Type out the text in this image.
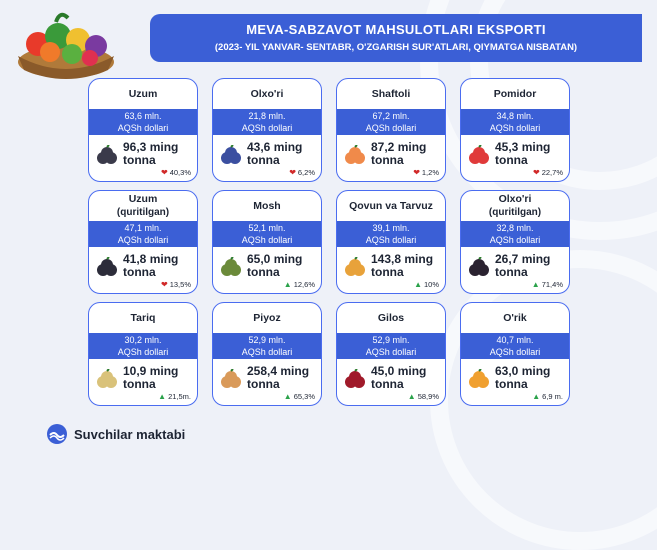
MEVA-SABZAVOT MAHSULOTLARI EKSPORTI
(2023- YIL YANVAR- SENTABR, O'ZGARISH SUR'ATLARI, QIYMATGA NISBATAN)
Uzum
63,6 mln.
AQSh dollari
96,3 ming
tonna
❤ 40,3%
Olxo'ri
21,8 mln.
AQSh dollari
43,6 ming
tonna
❤ 6,2%
Shaftoli
67,2 mln.
AQSh dollari
87,2 ming
tonna
❤ 1,2%
Pomidor
34,8 mln.
AQSh dollari
45,3 ming
tonna
❤ 22,7%
Uzum
(quritilgan)
47,1 mln.
AQSh dollari
41,8 ming
tonna
❤ 13,5%
Mosh
52,1 mln.
AQSh dollari
65,0 ming
tonna
▲ 12,6%
Qovun va Tarvuz
39,1 mln.
AQSh dollari
143,8 ming
tonna
▲ 10%
Olxo'ri
(quritilgan)
32,8 mln.
AQSh dollari
26,7 ming
tonna
▲ 71,4%
Tariq
30,2 mln.
AQSh dollari
10,9 ming
tonna
▲ 21,5m.
Piyoz
52,9 mln.
AQSh dollari
258,4 ming
tonna
▲ 65,3%
Gilos
52,9 mln.
AQSh dollari
45,0 ming
tonna
▲ 58,9%
O'rik
40,7 mln.
AQSh dollari
63,0 ming
tonna
▲ 6,9 m.
Suvchilar maktabi
